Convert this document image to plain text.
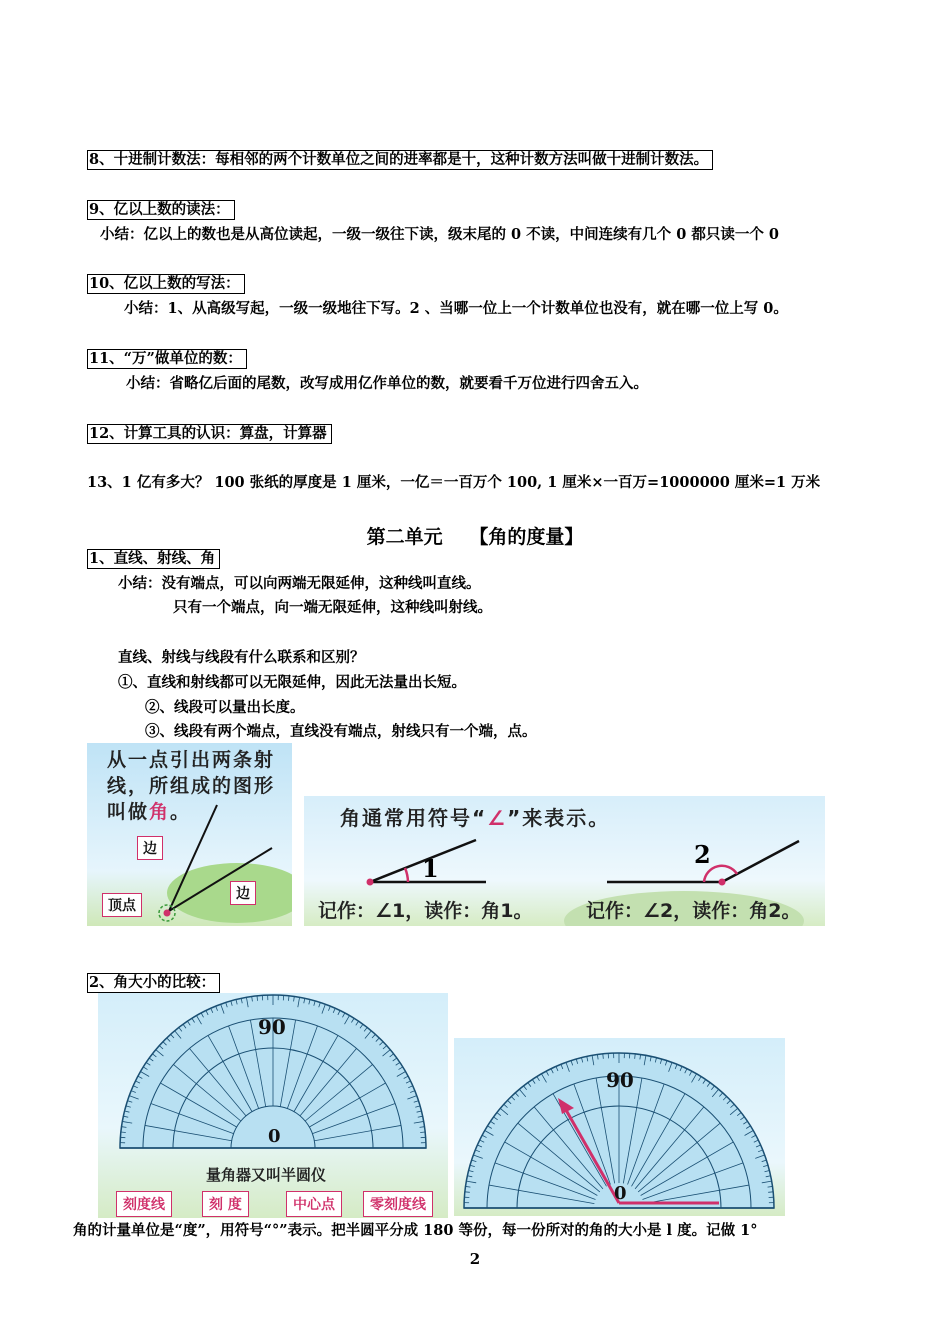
8、十进制计数法：每相邻的两个计数单位之间的进率都是十，这种计数方法叫做十进制计数法。
9、亿以上数的读法：
小结：亿以上的数也是从高位读起，一级一级往下读，级末尾的 0 不读，中间连续有几个 0 都只读一个 0
10、亿以上数的写法：
小结：1、从高级写起，一级一级地往下写。2 、当哪一位上一个计数单位也没有，就在哪一位上写 0。
11、“万”做单位的数：
小结：省略亿后面的尾数，改写成用亿作单位的数，就要看千万位进行四舍五入。
12、计算工具的认识：算盘，计算器
13、1 亿有多大？ 100 张纸的厚度是 1 厘米，一亿＝一百万个 100, 1 厘米×一百万=1000000 厘米=1 万米
第二单元 【角的度量】
1、直线、射线、角
小结：没有端点，可以向两端无限延伸，这种线叫直线。
只有一个端点，向一端无限延伸，这种线叫射线。
直线、射线与线段有什么联系和区别？
①、直线和射线都可以无限延伸，因此无法量出长短。
②、线段可以量出长度。
③、线段有两个端点，直线没有端点，射线只有一个端，点。
从一点引出两条射
线，所组成的图形
叫做角。
边
边
顶点
角通常用符号“∠”来表示。
1	2
记作：∠1，读作：角1。	记作：∠2，读作：角2。
2、角大小的比较：
90
0
量角器又叫半圆仪
刻度线	刻 度	中心点	零刻度线
90
0
角的计量单位是“度”，用符号“°”表示。把半圆平分成 180 等份，每一份所对的角的大小是 l 度。记做 1°
2
